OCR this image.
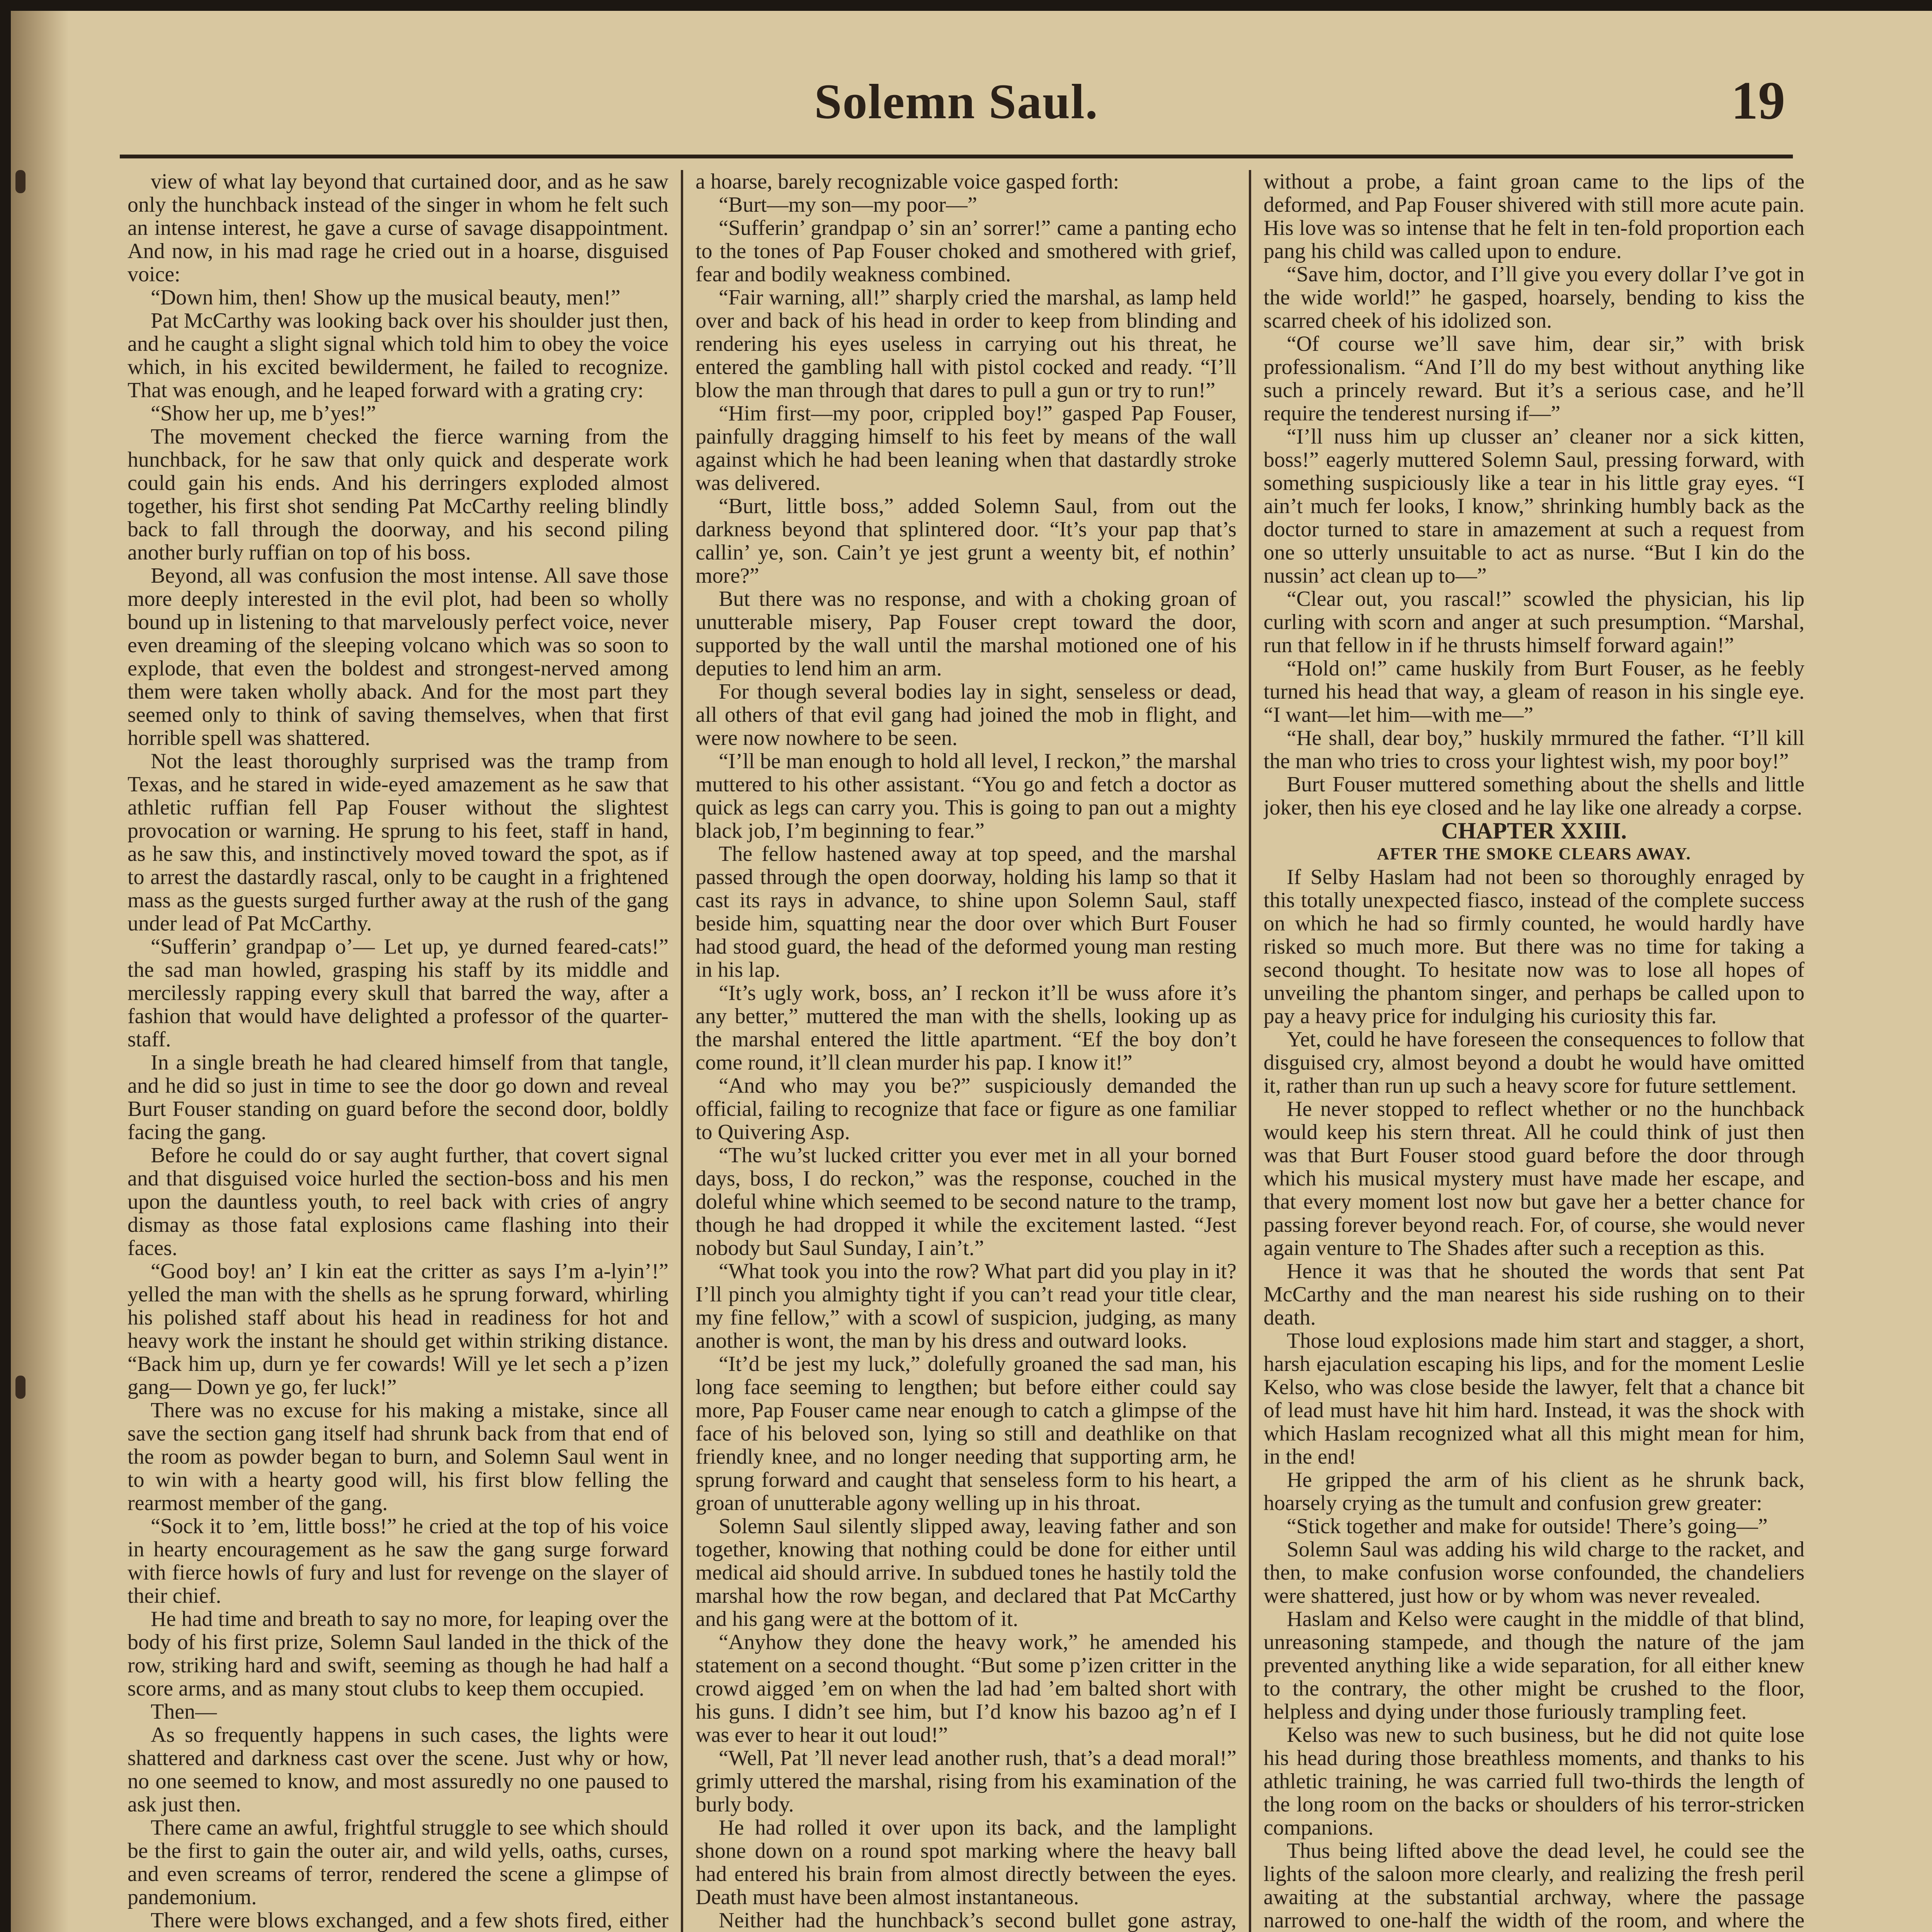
Solemn Saul.	19

view of what lay beyond that curtained door, and as he saw only the hunchback instead of the singer in whom he felt such an intense interest, he gave a curse of savage disappointment. And now, in his mad rage he cried out in a hoarse, disguised voice:

“Down him, then! Show up the musical beauty, men!”

Pat McCarthy was looking back over his shoulder just then, and he caught a slight signal which told him to obey the voice which, in his excited bewilderment, he failed to recognize. That was enough, and he leaped forward with a grating cry:

“Show her up, me b’yes!”

The movement checked the fierce warning from the hunchback, for he saw that only quick and desperate work could gain his ends. And his derringers exploded almost together, his first shot sending Pat McCarthy reeling blindly back to fall through the doorway, and his second piling another burly ruffian on top of his boss.

Beyond, all was confusion the most intense. All save those more deeply interested in the evil plot, had been so wholly bound up in listening to that marvelously perfect voice, never even dreaming of the sleeping volcano which was so soon to explode, that even the boldest and strongest-nerved among them were taken wholly aback. And for the most part they seemed only to think of saving themselves, when that first horrible spell was shattered.

Not the least thoroughly surprised was the tramp from Texas, and he stared in wide-eyed amazement as he saw that athletic ruffian fell Pap Fouser without the slightest provocation or warning. He sprung to his feet, staff in hand, as he saw this, and instinctively moved toward the spot, as if to arrest the dastardly rascal, only to be caught in a frightened mass as the guests surged further away at the rush of the gang under lead of Pat McCarthy.

“Sufferin’ grandpap o’— Let up, ye durned feared-cats!” the sad man howled, grasping his staff by its middle and mercilessly rapping every skull that barred the way, after a fashion that would have delighted a professor of the quarter-staff.

In a single breath he had cleared himself from that tangle, and he did so just in time to see the door go down and reveal Burt Fouser standing on guard before the second door, boldly facing the gang.

Before he could do or say aught further, that covert signal and that disguised voice hurled the section-boss and his men upon the dauntless youth, to reel back with cries of angry dismay as those fatal explosions came flashing into their faces.

“Good boy! an’ I kin eat the critter as says I’m a-lyin’!” yelled the man with the shells as he sprung forward, whirling his polished staff about his head in readiness for hot and heavy work the instant he should get within striking distance. “Back him up, durn ye fer cowards! Will ye let sech a p’izen gang— Down ye go, fer luck!”

There was no excuse for his making a mistake, since all save the section gang itself had shrunk back from that end of the room as powder began to burn, and Solemn Saul went in to win with a hearty good will, his first blow felling the rearmost member of the gang.

“Sock it to ’em, little boss!” he cried at the top of his voice in hearty encouragement as he saw the gang surge forward with fierce howls of fury and lust for revenge on the slayer of their chief.

He had time and breath to say no more, for leaping over the body of his first prize, Solemn Saul landed in the thick of the row, striking hard and swift, seeming as though he had half a score arms, and as many stout clubs to keep them occupied.

Then—

As so frequently happens in such cases, the lights were shattered and darkness cast over the scene. Just why or how, no one seemed to know, and most assuredly no one paused to ask just then.

There came an awful, frightful struggle to see which should be the first to gain the outer air, and wild yells, oaths, curses, and even screams of terror, rendered the scene a glimpse of pandemonium.

There were blows exchanged, and a few shots fired, either

a hoarse, barely recognizable voice gasped forth:

“Burt—my son—my poor—”

“Sufferin’ grandpap o’ sin an’ sorrer!” came a panting echo to the tones of Pap Fouser choked and smothered with grief, fear and bodily weakness combined.

“Fair warning, all!” sharply cried the marshal, as lamp held over and back of his head in order to keep from blinding and rendering his eyes useless in carrying out his threat, he entered the gambling hall with pistol cocked and ready. “I’ll blow the man through that dares to pull a gun or try to run!”

“Him first—my poor, crippled boy!” gasped Pap Fouser, painfully dragging himself to his feet by means of the wall against which he had been leaning when that dastardly stroke was delivered.

“Burt, little boss,” added Solemn Saul, from out the darkness beyond that splintered door. “It’s your pap that’s callin’ ye, son. Cain’t ye jest grunt a weenty bit, ef nothin’ more?”

But there was no response, and with a choking groan of unutterable misery, Pap Fouser crept toward the door, supported by the wall until the marshal motioned one of his deputies to lend him an arm.

For though several bodies lay in sight, senseless or dead, all others of that evil gang had joined the mob in flight, and were now nowhere to be seen.

“I’ll be man enough to hold all level, I reckon,” the marshal muttered to his other assistant. “You go and fetch a doctor as quick as legs can carry you. This is going to pan out a mighty black job, I’m beginning to fear.”

The fellow hastened away at top speed, and the marshal passed through the open doorway, holding his lamp so that it cast its rays in advance, to shine upon Solemn Saul, staff beside him, squatting near the door over which Burt Fouser had stood guard, the head of the deformed young man resting in his lap.

“It’s ugly work, boss, an’ I reckon it’ll be wuss afore it’s any better,” muttered the man with the shells, looking up as the marshal entered the little apartment. “Ef the boy don’t come round, it’ll clean murder his pap. I know it!”

“And who may you be?” suspiciously demanded the official, failing to recognize that face or figure as one familiar to Quivering Asp.

“The wu’st lucked critter you ever met in all your borned days, boss, I do reckon,” was the response, couched in the doleful whine which seemed to be second nature to the tramp, though he had dropped it while the excitement lasted. “Jest nobody but Saul Sunday, I ain’t.”

“What took you into the row? What part did you play in it? I’ll pinch you almighty tight if you can’t read your title clear, my fine fellow,” with a scowl of suspicion, judging, as many another is wont, the man by his dress and outward looks.

“It’d be jest my luck,” dolefully groaned the sad man, his long face seeming to lengthen; but before either could say more, Pap Fouser came near enough to catch a glimpse of the face of his beloved son, lying so still and deathlike on that friendly knee, and no longer needing that supporting arm, he sprung forward and caught that senseless form to his heart, a groan of unutterable agony welling up in his throat.

Solemn Saul silently slipped away, leaving father and son together, knowing that nothing could be done for either until medical aid should arrive. In subdued tones he hastily told the marshal how the row began, and declared that Pat McCarthy and his gang were at the bottom of it.

“Anyhow they done the heavy work,” he amended his statement on a second thought. “But some p’izen critter in the crowd aigged ’em on when the lad had ’em balted short with his guns. I didn’t see him, but I’d know his bazoo ag’n ef I was ever to hear it out loud!”

“Well, Pat ’ll never lead another rush, that’s a dead moral!” grimly uttered the marshal, rising from his examination of the burly body.

He had rolled it over upon its back, and the lamplight shone down on a round spot marking where the heavy ball had entered his brain from almost directly between the eyes. Death must have been almost instantaneous.

Neither had the hunchback’s second bullet gone astray,

without a probe, a faint groan came to the lips of the deformed, and Pap Fouser shivered with still more acute pain. His love was so intense that he felt in ten-fold proportion each pang his child was called upon to endure.

“Save him, doctor, and I’ll give you every dollar I’ve got in the wide world!” he gasped, hoarsely, bending to kiss the scarred cheek of his idolized son.

“Of course we’ll save him, dear sir,” with brisk professionalism. “And I’ll do my best without anything like such a princely reward. But it’s a serious case, and he’ll require the tenderest nursing if—”

“I’ll nuss him up clusser an’ cleaner nor a sick kitten, boss!” eagerly muttered Solemn Saul, pressing forward, with something suspiciously like a tear in his little gray eyes. “I ain’t much fer looks, I know,” shrinking humbly back as the doctor turned to stare in amazement at such a request from one so utterly unsuitable to act as nurse. “But I kin do the nussin’ act clean up to—”

“Clear out, you rascal!” scowled the physician, his lip curling with scorn and anger at such presumption. “Marshal, run that fellow in if he thrusts himself forward again!”

“Hold on!” came huskily from Burt Fouser, as he feebly turned his head that way, a gleam of reason in his single eye. “I want—let him—with me—”

“He shall, dear boy,” huskily mrmured the father. “I’ll kill the man who tries to cross your lightest wish, my poor boy!”

Burt Fouser muttered something about the shells and little joker, then his eye closed and he lay like one already a corpse.

CHAPTER XXIII.

AFTER THE SMOKE CLEARS AWAY.

If Selby Haslam had not been so thoroughly enraged by this totally unexpected fiasco, instead of the complete success on which he had so firmly counted, he would hardly have risked so much more. But there was no time for taking a second thought. To hesitate now was to lose all hopes of unveiling the phantom singer, and perhaps be called upon to pay a heavy price for indulging his curiosity this far.

Yet, could he have foreseen the consequences to follow that disguised cry, almost beyond a doubt he would have omitted it, rather than run up such a heavy score for future settlement.

He never stopped to reflect whether or no the hunchback would keep his stern threat. All he could think of just then was that Burt Fouser stood guard before the door through which his musical mystery must have made her escape, and that every moment lost now but gave her a better chance for passing forever beyond reach. For, of course, she would never again venture to The Shades after such a reception as this.

Hence it was that he shouted the words that sent Pat McCarthy and the man nearest his side rushing on to their death.

Those loud explosions made him start and stagger, a short, harsh ejaculation escaping his lips, and for the moment Leslie Kelso, who was close beside the lawyer, felt that a chance bit of lead must have hit him hard. Instead, it was the shock with which Haslam recognized what all this might mean for him, in the end!

He gripped the arm of his client as he shrunk back, hoarsely crying as the tumult and confusion grew greater:

“Stick together and make for outside! There’s going—”

Solemn Saul was adding his wild charge to the racket, and then, to make confusion worse confounded, the chandeliers were shattered, just how or by whom was never revealed.

Haslam and Kelso were caught in the middle of that blind, unreasoning stampede, and though the nature of the jam prevented anything like a wide separation, for all either knew to the contrary, the other might be crushed to the floor, helpless and dying under those furiously trampling feet.

Kelso was new to such business, but he did not quite lose his head during those breathless moments, and thanks to his athletic training, he was carried full two-thirds the length of the long room on the backs or shoulders of his terror-stricken companions.

Thus being lifted above the dead level, he could see the lights of the saloon more clearly, and realizing the fresh peril awaiting at the substantial archway, where the passage narrowed to one-half the width of the room, and where the
